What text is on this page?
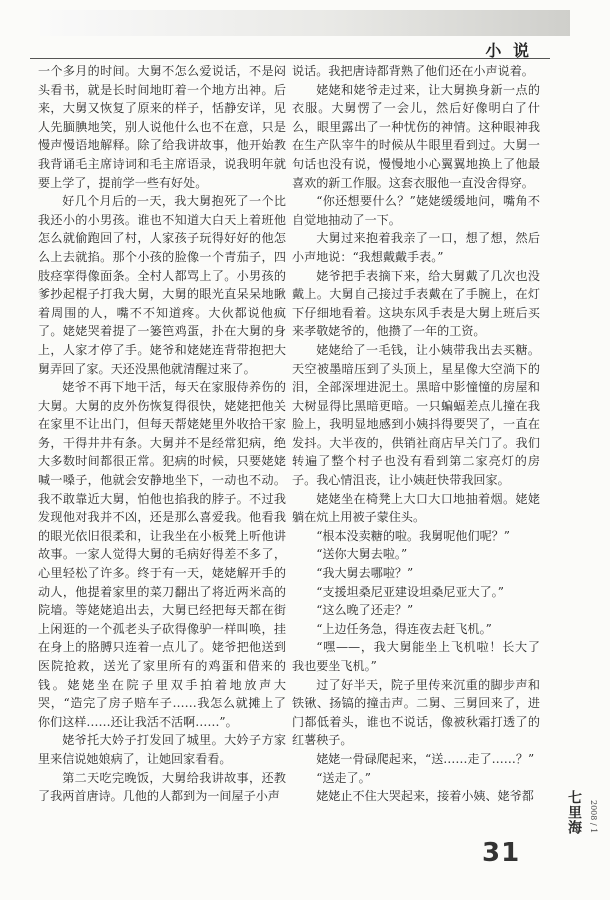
小 说

一个多月的时间。大舅不怎么爱说话，不是闷头看书，就是长时间地盯着一个地方出神。后来，大舅又恢复了原来的样子，恬静安详，见人先腼腆地笑，别人说他什么也不在意，只是慢声慢语地解释。除了给我讲故事，他开始教我背诵毛主席诗词和毛主席语录，说我明年就要上学了，提前学一些有好处。

好几个月后的一天，我大舅抱死了一个比我还小的小男孩。谁也不知道大白天上着班他怎么就偷跑回了村，人家孩子玩得好好的他怎么上去就掐。那个小孩的脸像一个青茄子，四肢痉挛得像面条。全村人都骂上了。小男孩的爹抄起棍子打我大舅，大舅的眼光直呆呆地瞅着周围的人，嘴不不知道疼。大伙都说他疯了。姥姥哭着提了一篓笆鸡蛋，扑在大舅的身上，人家才停了手。姥爷和姥姥连背带抱把大舅弄回了家。天还没黑他就清醒过来了。

姥爷不再下地干活，每天在家服侍养伤的大舅。大舅的皮外伤恢复得很快，姥姥把他关在家里不让出门，但每天帮姥姥里外收拾干家务，干得井井有条。大舅并不是经常犯病，绝大多数时间都很正常。犯病的时候，只要姥姥喊一嗓子，他就会安静地坐下，一动也不动。我不敢靠近大舅，怕他也掐我的脖子。不过我发现他对我并不凶，还是那么喜爱我。他看我的眼光依旧很柔和，让我坐在小板凳上听他讲故事。一家人觉得大舅的毛病好得差不多了，心里轻松了许多。终于有一天，姥姥解开手的动人，他提着家里的菜刀翻出了将近两米高的院墙。等姥姥追出去，大舅已经把每天都在街上闲逛的一个孤老头子砍得像驴一样叫唤，挂在身上的胳膊只连着一点儿了。姥爷把他送到医院抢救，送光了家里所有的鸡蛋和借来的钱。姥姥坐在院子里双手拍着地放声大哭，“造完了房子赔车子……我怎么就摊上了你们这样……还让我活不活啊……”。

姥爷托大妗子打发回了城里。大妗子方家里来信说她娘病了，让她回家看看。

第二天吃完晚饭，大舅给我讲故事，还教了我两首唐诗。几他的人都到为一间屋子小声

说话。我把唐诗都背熟了他们还在小声说着。

姥姥和姥爷走过来，让大舅换身新一点的衣服。大舅愣了一会儿，然后好像明白了什么，眼里露出了一种忧伤的神情。这种眼神我在生产队宰牛的时候从牛眼里看到过。大舅一句话也没有说，慢慢地小心翼翼地换上了他最喜欢的新工作服。这套衣服他一直没舍得穿。

“你还想要什么？”姥姥缓缓地问，嘴角不自觉地抽动了一下。

大舅过来抱着我亲了一口，想了想，然后小声地说：“我想戴戴手表。”

姥爷把手表摘下来，给大舅戴了几次也没戴上。大舅自己接过手表戴在了手腕上，在灯下仔细地看着。这块东风手表是大舅上班后买来孝敬姥爷的，他攒了一年的工资。

姥姥给了一毛钱，让小姨带我出去买糖。天空被墨暗压到了头顶上，星星像大空淌下的泪，全部深埋进泥土。黑暗中影憧憧的房屋和大树显得比黑暗更暗。一只蝙蝠差点儿撞在我脸上，我明显地感到小姨抖得要哭了，一直在发抖。大半夜的，供销社商店早关门了。我们转遍了整个村子也没有看到第二家亮灯的房子。我心情沮丧，让小姨赶快带我回家。

姥姥坐在椅凳上大口大口地抽着烟。姥姥躺在炕上用被子蒙住头。

“根本没卖糖的啦。我舅呢他们呢？”

“送你大舅去啦。”

“我大舅去哪啦？”

“支援坦桑尼亚建设坦桑尼亚大了。”

“这么晚了还走？”

“上边任务急，得连夜去赶飞机。”

“嘿——，我大舅能坐上飞机啦！长大了我也要坐飞机。”

过了好半天，院子里传来沉重的脚步声和铁锹、扬镐的撞击声。二舅、三舅回来了，进门都低着头，谁也不说话，像被秋霜打透了的红薯秧子。

姥姥一骨碌爬起来，“送……走了……？”

“送走了。”

姥姥止不住大哭起来，接着小姨、姥爷都	七里海 2008 / 1
31
